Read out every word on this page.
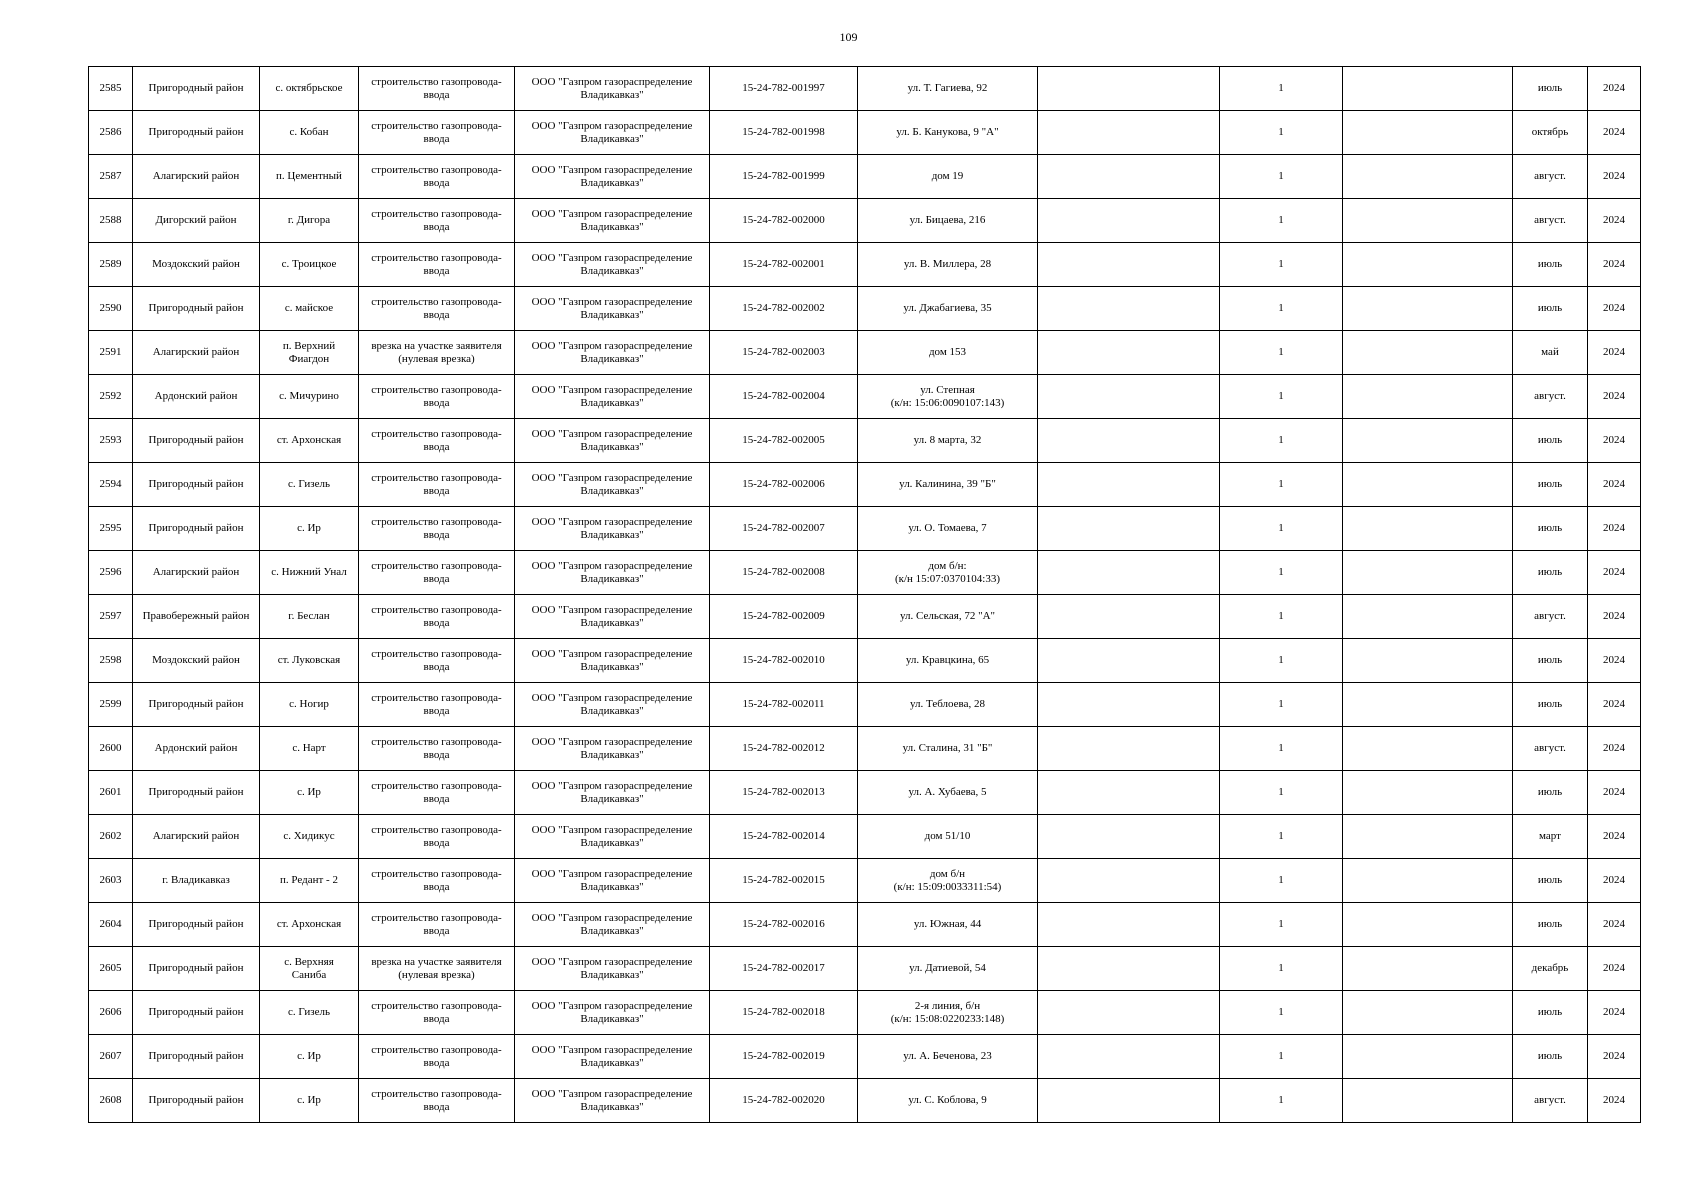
109
2585	Пригородный район	с. октябрьское	строительство газопровода-
ввода	ООО "Газпром газораспределение
Владикавказ"	15-24-782-001997	ул. Т. Гагиева, 92		1		июль	2024
2586	Пригородный район	с. Кобан	строительство газопровода-
ввода	ООО "Газпром газораспределение
Владикавказ"	15-24-782-001998	ул. Б. Канукова, 9 "А"		1		октябрь	2024
2587	Алагирский район	п. Цементный	строительство газопровода-
ввода	ООО "Газпром газораспределение
Владикавказ"	15-24-782-001999	дом 19		1		август.	2024
2588	Дигорский район	г. Дигора	строительство газопровода-
ввода	ООО "Газпром газораспределение
Владикавказ"	15-24-782-002000	ул. Бицаева, 216		1		август.	2024
2589	Моздокский район	с. Троицкое	строительство газопровода-
ввода	ООО "Газпром газораспределение
Владикавказ"	15-24-782-002001	ул. В. Миллера, 28		1		июль	2024
2590	Пригородный район	с. майское	строительство газопровода-
ввода	ООО "Газпром газораспределение
Владикавказ"	15-24-782-002002	ул. Джабагиева, 35		1		июль	2024
2591	Алагирский район	п. Верхний
Фиагдон	врезка на участке заявителя
(нулевая врезка)	ООО "Газпром газораспределение
Владикавказ"	15-24-782-002003	дом 153		1		май	2024
2592	Ардонский район	с. Мичурино	строительство газопровода-
ввода	ООО "Газпром газораспределение
Владикавказ"	15-24-782-002004	ул. Степная
(к/н: 15:06:0090107:143)		1		август.	2024
2593	Пригородный район	ст. Архонская	строительство газопровода-
ввода	ООО "Газпром газораспределение
Владикавказ"	15-24-782-002005	ул. 8 марта, 32		1		июль	2024
2594	Пригородный район	с. Гизель	строительство газопровода-
ввода	ООО "Газпром газораспределение
Владикавказ"	15-24-782-002006	ул. Калинина, 39 "Б"		1		июль	2024
2595	Пригородный район	с. Ир	строительство газопровода-
ввода	ООО "Газпром газораспределение
Владикавказ"	15-24-782-002007	ул. О. Томаева, 7		1		июль	2024
2596	Алагирский район	с. Нижний Унал	строительство газопровода-
ввода	ООО "Газпром газораспределение
Владикавказ"	15-24-782-002008	дом б/н:
(к/н 15:07:0370104:33)		1		июль	2024
2597	Правобережный район	г. Беслан	строительство газопровода-
ввода	ООО "Газпром газораспределение
Владикавказ"	15-24-782-002009	ул. Сельская, 72 "А"		1		август.	2024
2598	Моздокский район	ст. Луковская	строительство газопровода-
ввода	ООО "Газпром газораспределение
Владикавказ"	15-24-782-002010	ул. Кравцкина, 65		1		июль	2024
2599	Пригородный район	с. Ногир	строительство газопровода-
ввода	ООО "Газпром газораспределение
Владикавказ"	15-24-782-002011	ул. Теблоева, 28		1		июль	2024
2600	Ардонский район	с. Нарт	строительство газопровода-
ввода	ООО "Газпром газораспределение
Владикавказ"	15-24-782-002012	ул. Сталина, 31 "Б"		1		август.	2024
2601	Пригородный район	с. Ир	строительство газопровода-
ввода	ООО "Газпром газораспределение
Владикавказ"	15-24-782-002013	ул. А. Хубаева, 5		1		июль	2024
2602	Алагирский район	с. Хидикус	строительство газопровода-
ввода	ООО "Газпром газораспределение
Владикавказ"	15-24-782-002014	дом 51/10		1		март	2024
2603	г. Владикавказ	п. Редант - 2	строительство газопровода-
ввода	ООО "Газпром газораспределение
Владикавказ"	15-24-782-002015	дом б/н
(к/н: 15:09:0033311:54)		1		июль	2024
2604	Пригородный район	ст. Архонская	строительство газопровода-
ввода	ООО "Газпром газораспределение
Владикавказ"	15-24-782-002016	ул. Южная, 44		1		июль	2024
2605	Пригородный район	с. Верхняя
Саниба	врезка на участке заявителя
(нулевая врезка)	ООО "Газпром газораспределение
Владикавказ"	15-24-782-002017	ул. Датиевой, 54		1		декабрь	2024
2606	Пригородный район	с. Гизель	строительство газопровода-
ввода	ООО "Газпром газораспределение
Владикавказ"	15-24-782-002018	2-я линия, б/н
(к/н: 15:08:0220233:148)		1		июль	2024
2607	Пригородный район	с. Ир	строительство газопровода-
ввода	ООО "Газпром газораспределение
Владикавказ"	15-24-782-002019	ул. А. Беченова, 23		1		июль	2024
2608	Пригородный район	с. Ир	строительство газопровода-
ввода	ООО "Газпром газораспределение
Владикавказ"	15-24-782-002020	ул. С. Коблова, 9		1		август.	2024
